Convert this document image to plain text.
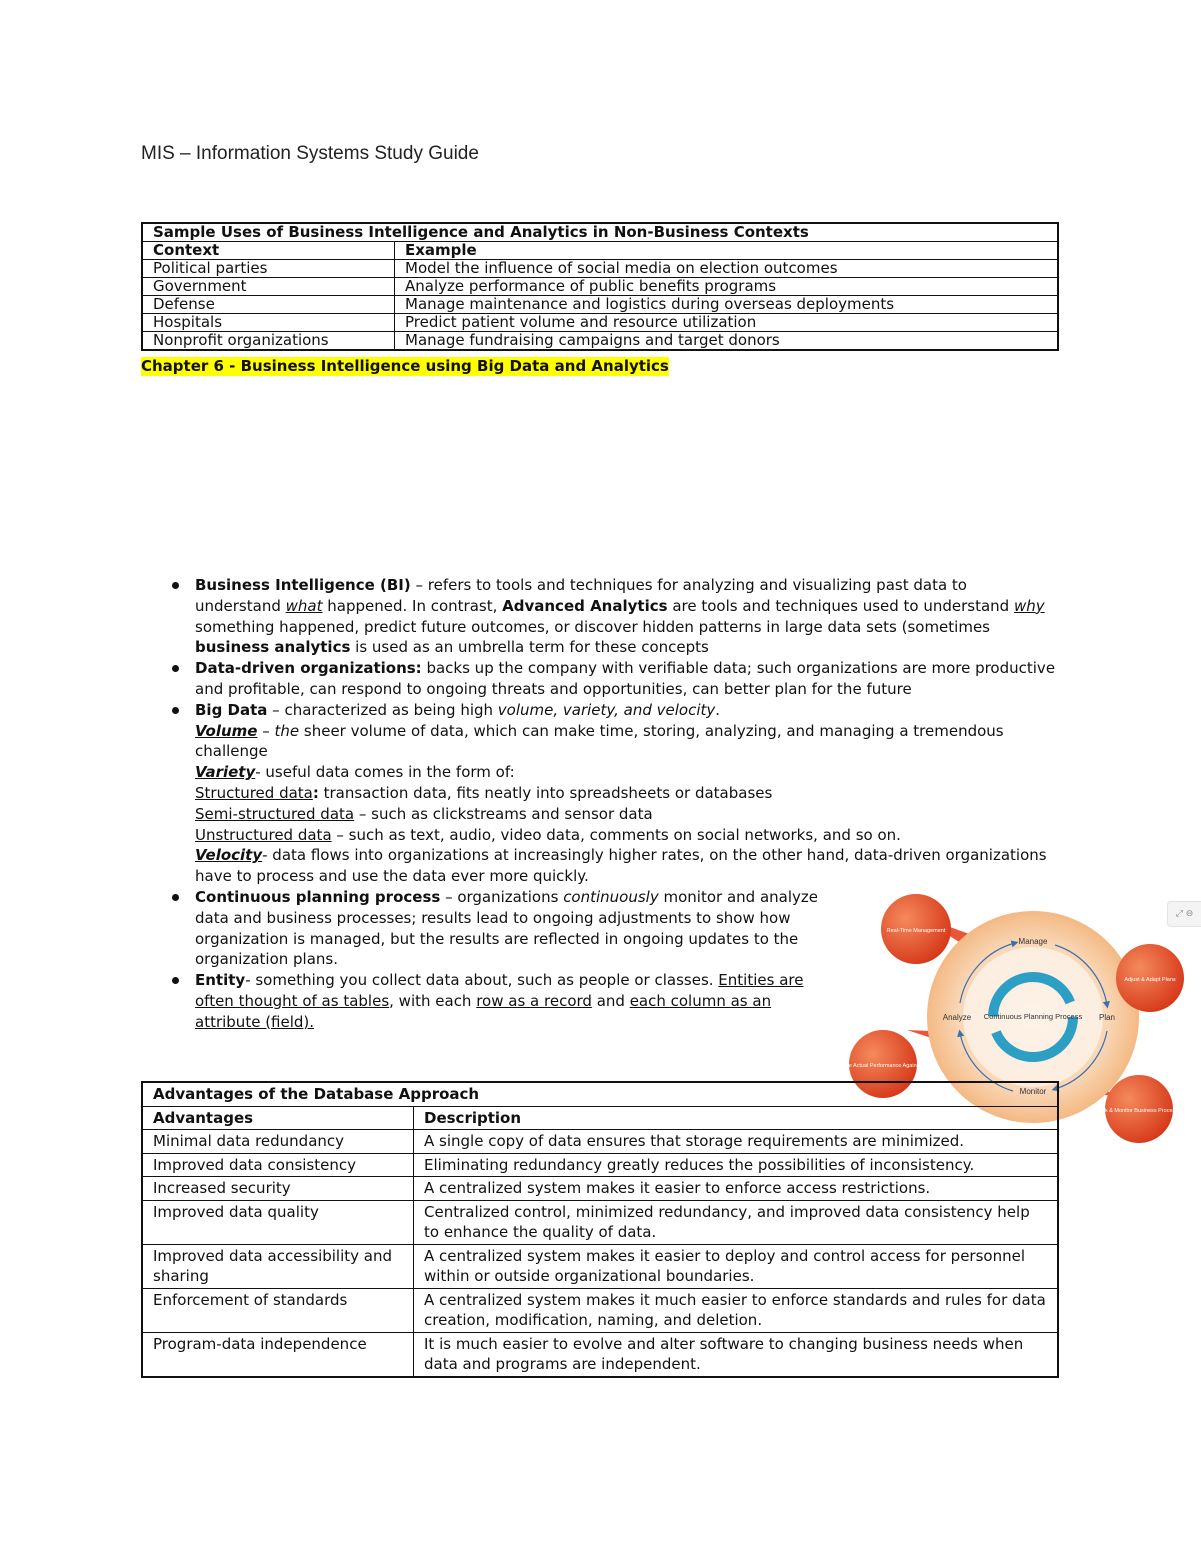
MIS – Information Systems Study Guide
Sample Uses of Business Intelligence and Analytics in Non-Business Contexts	
Context	Example
Political parties	Model the influence of social media on election outcomes
Government	Analyze performance of public benefits programs
Defense	Manage maintenance and logistics during overseas deployments
Hospitals	Predict patient volume and resource utilization
Nonprofit organizations	Manage fundraising campaigns and target donors
Chapter 6 - Business Intelligence using Big Data and Analytics
Business Intelligence (BI) – refers to tools and techniques for analyzing and visualizing past data to understand what happened. In contrast, Advanced Analytics are tools and techniques used to understand why something happened, predict future outcomes, or discover hidden patterns in large data sets (sometimes business analytics is used as an umbrella term for these concepts
Data-driven organizations: backs up the company with verifiable data; such organizations are more productive and profitable, can respond to ongoing threats and opportunities, can better plan for the future
Big Data – characterized as being high volume, variety, and velocity.
Volume – the sheer volume of data, which can make time, storing, analyzing, and managing a tremendous challenge
Variety- useful data comes in the form of:
Structured data: transaction data, fits neatly into spreadsheets or databases
Semi-structured data – such as clickstreams and sensor data
Unstructured data – such as text, audio, video data, comments on social networks, and so on.
Velocity- data flows into organizations at increasingly higher rates, on the other hand, data-driven organizations have to process and use the data ever more quickly.
Continuous planning process – organizations continuously monitor and analyze data and business processes; results lead to ongoing adjustments to show how organization is managed, but the results are reflected in ongoing updates to the organization plans.
Entity- something you collect data about, such as people or classes. Entities are often thought of as tables, with each row as a record and each column as an attribute (field).	Continuous Planning Process
Manage
Plan
Monitor
Analyze
Real-Time Management
Adjust & Adapt Plans
Track & Monitor Business Processes
Compare Actual Performance Against Goals
⤢ ⊖
Advantages of the Database Approach	
Advantages	Description
Minimal data redundancy	A single copy of data ensures that storage requirements are minimized.
Improved data consistency	Eliminating redundancy greatly reduces the possibilities of inconsistency.
Increased security	A centralized system makes it easier to enforce access restrictions.
Improved data quality	Centralized control, minimized redundancy, and improved data consistency help to enhance the quality of data.
Improved data accessibility and sharing	A centralized system makes it easier to deploy and control access for personnel within or outside organizational boundaries.
Enforcement of standards	A centralized system makes it much easier to enforce standards and rules for data creation, modification, naming, and deletion.
Program-data independence	It is much easier to evolve and alter software to changing business needs when data and programs are independent.
